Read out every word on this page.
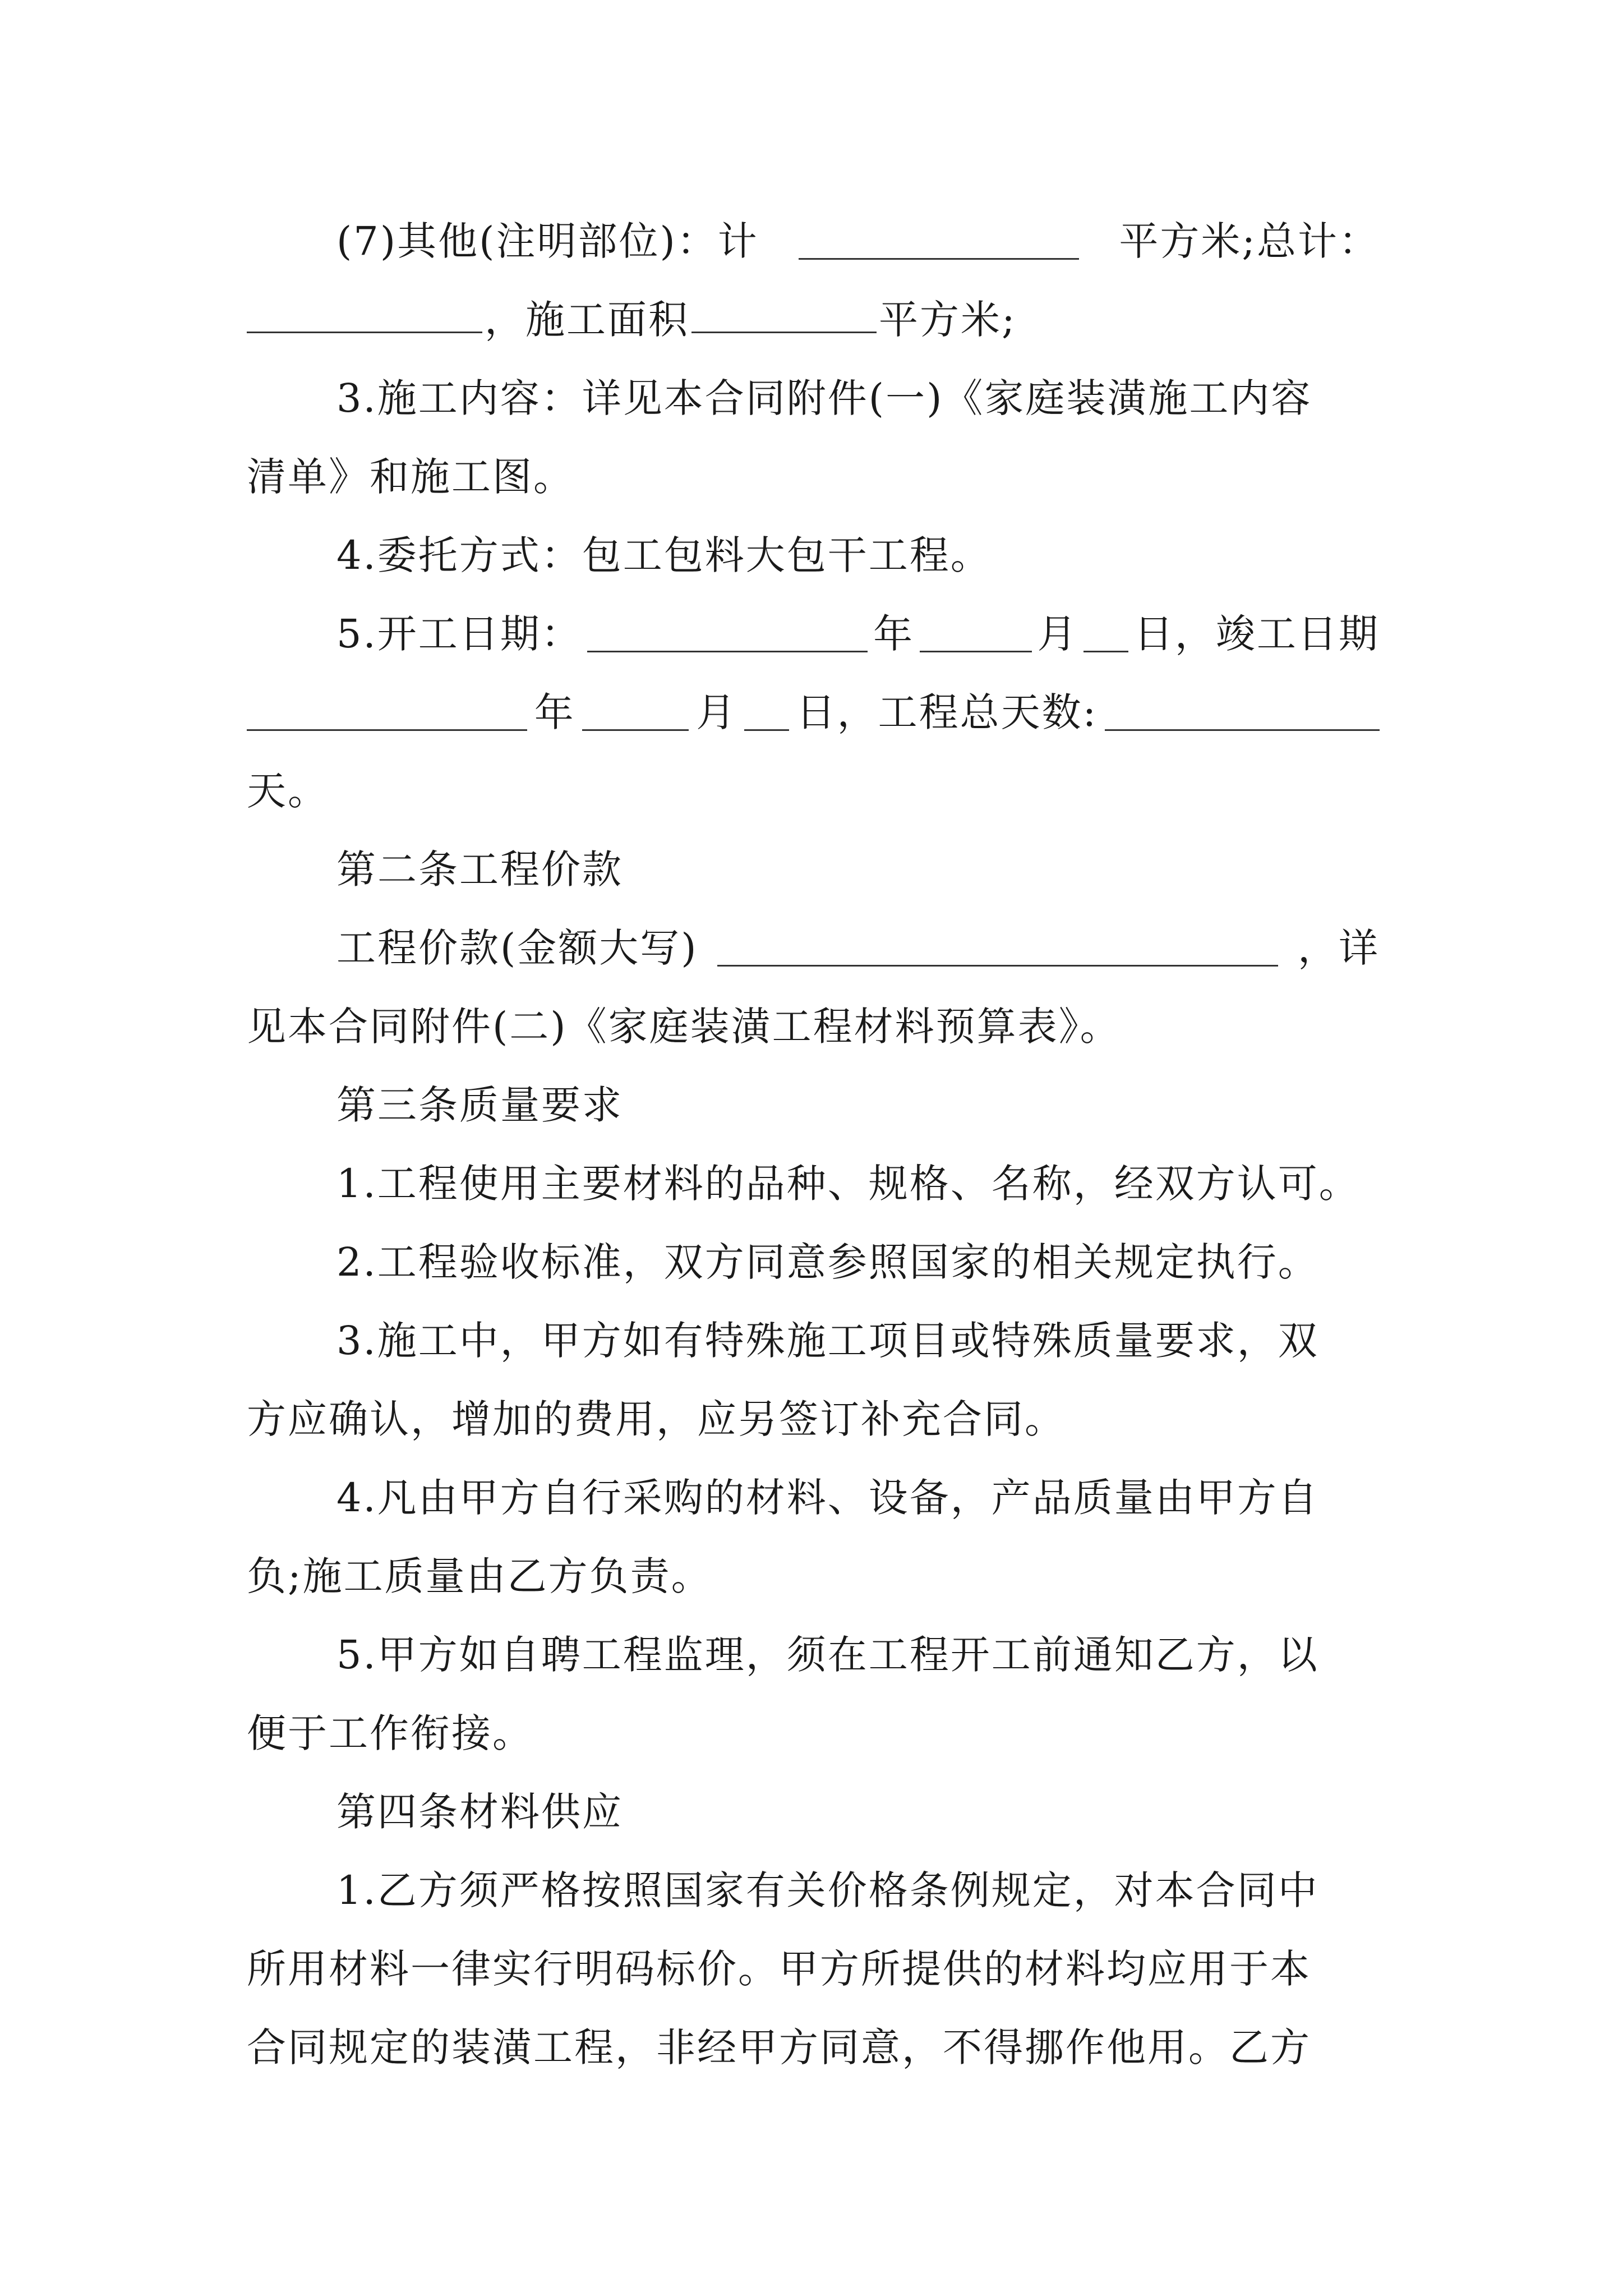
(7)其他(注明部位)：计	平方米;总计：
，施工面积	平方米;
3.施工内容：详见本合同附件(一)《家庭装潢施工内容
清单》和施工图。
4.委托方式：包工包料大包干工程。
5.开工日期：	年	月 日，竣工日期
年	月 日，工程总天数:
天。
第二条工程价款
工程价款(金额大写)	，详
见本合同附件(二)《家庭装潢工程材料预算表》。
第三条质量要求
1.工程使用主要材料的品种、规格、名称，经双方认可。
2.工程验收标准，双方同意参照国家的相关规定执行。
3.施工中，甲方如有特殊施工项目或特殊质量要求，双
方应确认，增加的费用，应另签订补充合同。
4.凡由甲方自行采购的材料、设备，产品质量由甲方自
负;施工质量由乙方负责。
5.甲方如自聘工程监理，须在工程开工前通知乙方，以
便于工作衔接。
第四条材料供应
1.乙方须严格按照国家有关价格条例规定，对本合同中
所用材料一律实行明码标价。甲方所提供的材料均应用于本
合同规定的装潢工程，非经甲方同意，不得挪作他用。乙方
